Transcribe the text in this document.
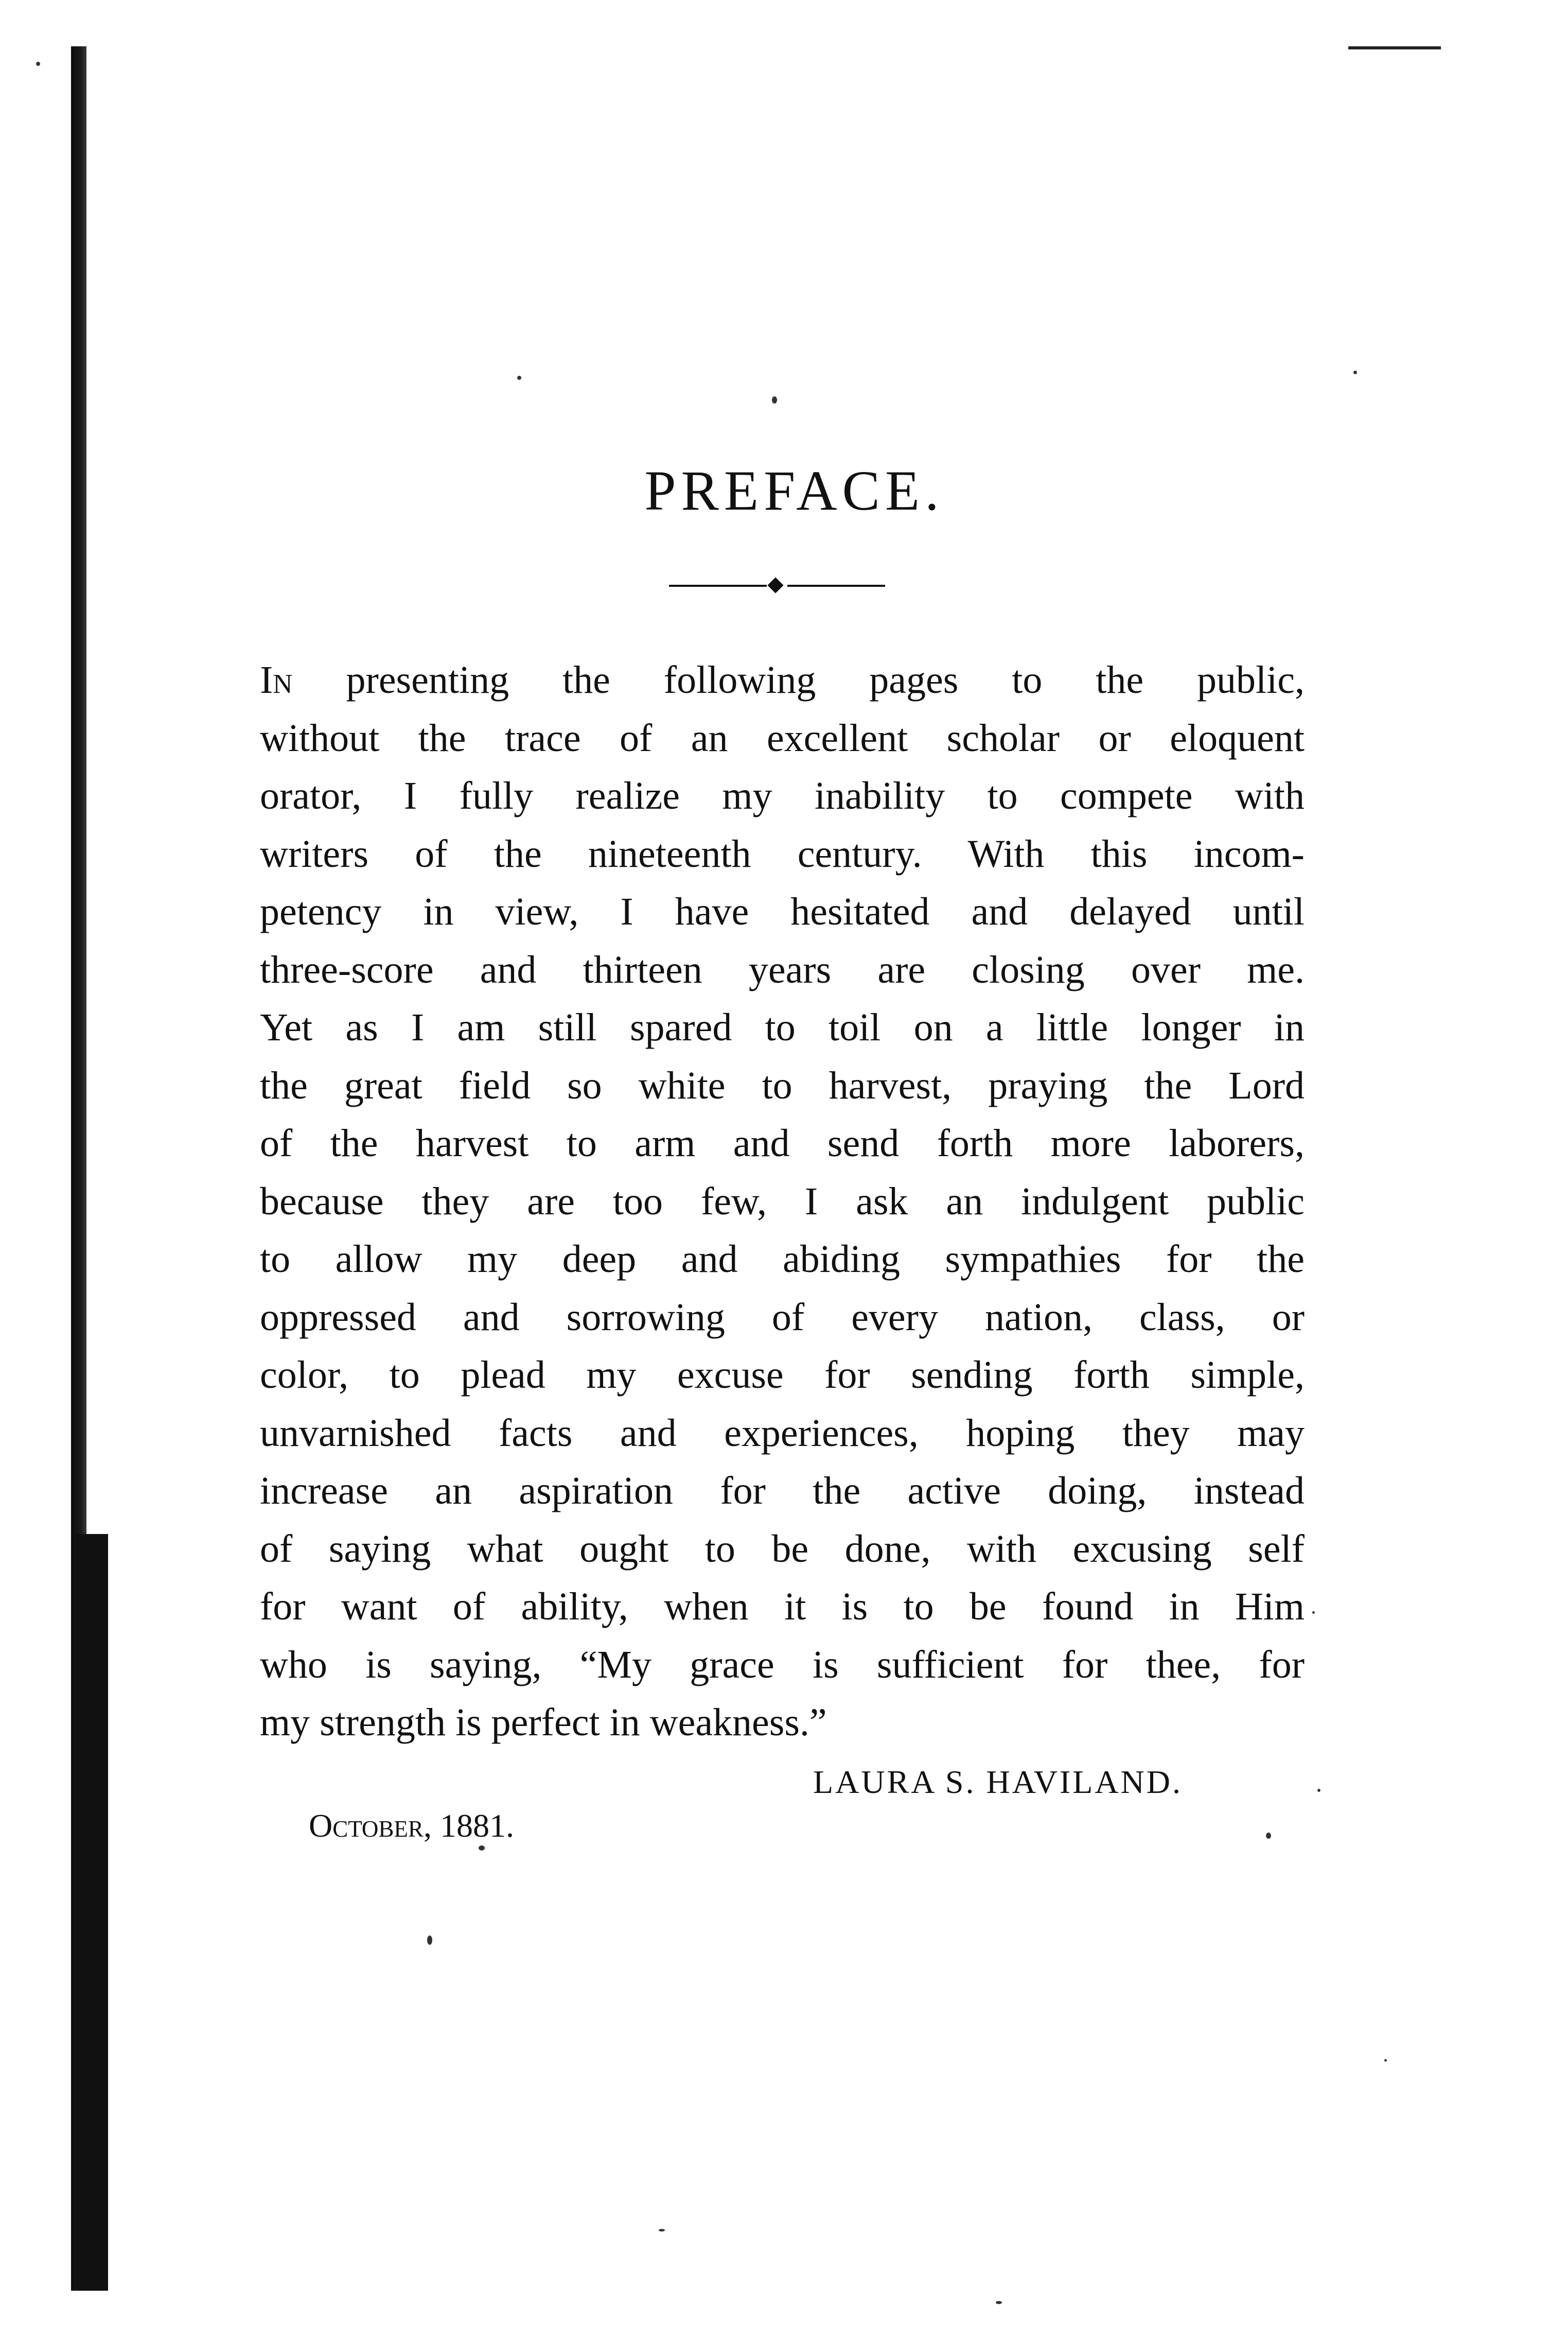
PREFACE.
In presenting the following pages to the public,
without the trace of an excellent scholar or eloquent
orator, I fully realize my inability to compete with
writers of the nineteenth century. With this incom-
petency in view, I have hesitated and delayed until
three-score and thirteen years are closing over me.
Yet as I am still spared to toil on a little longer in
the great field so white to harvest, praying the Lord
of the harvest to arm and send forth more laborers,
because they are too few, I ask an indulgent public
to allow my deep and abiding sympathies for the
oppressed and sorrowing of every nation, class, or
color, to plead my excuse for sending forth simple,
unvarnished facts and experiences, hoping they may
increase an aspiration for the active doing, instead
of saying what ought to be done, with excusing self
for want of ability, when it is to be found in Him
who is saying, “My grace is sufficient for thee, for
my strength is perfect in weakness.”
LAURA S. HAVILAND.
October, 1881.
